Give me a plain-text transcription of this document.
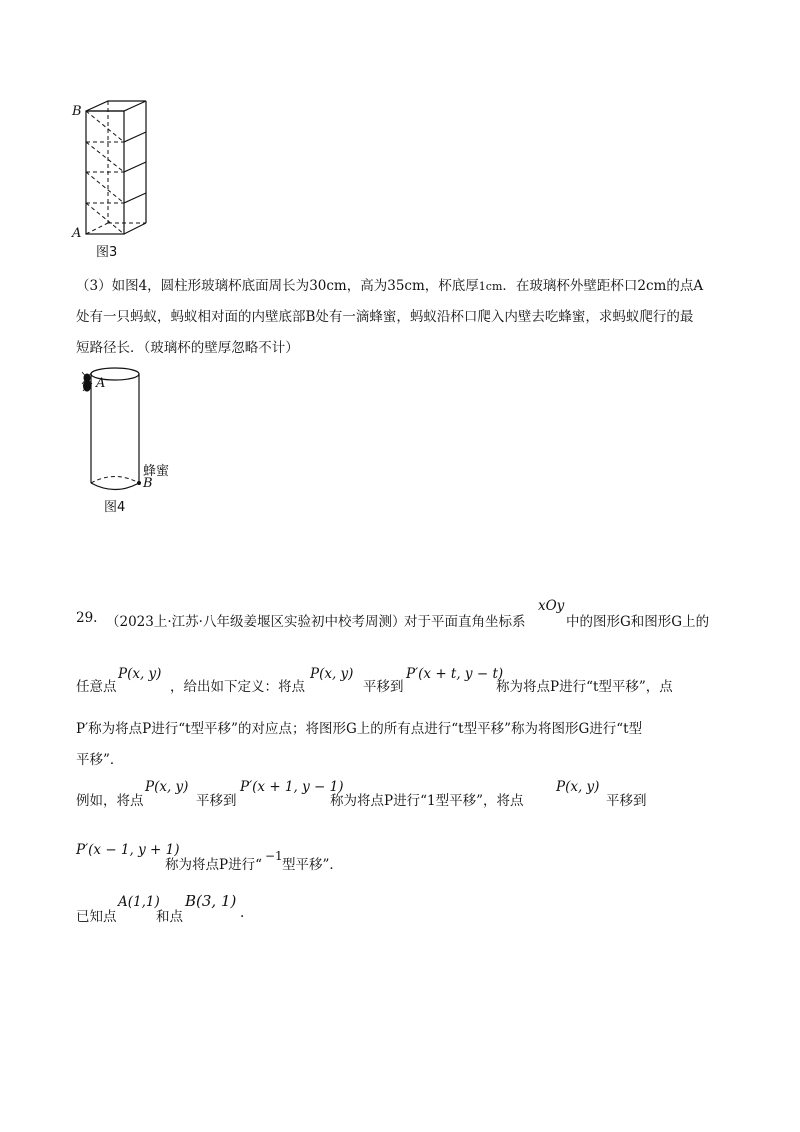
B
A
图3
（3）如图4，圆柱形玻璃杯底面周长为30cm，高为35cm，杯底厚1cm．在玻璃杯外壁距杯口2cm的点A
处有一只蚂蚁，蚂蚁相对面的内壁底部B处有一滴蜂蜜，蚂蚁沿杯口爬入内壁去吃蜂蜜，求蚂蚁爬行的最
短路径长．（玻璃杯的壁厚忽略不计）
A
蜂蜜
B
图4
29. （2023上·江苏·八年级姜堰区实验初中校考周测）
对于平面直角坐标系
xOy
中的图形G和图形G上的
任意点
P(x, y)
，给出如下定义：将点
P(x, y)
平移到
P′(x + t, y − t)
称为将点P进行“t型平移”，点
P′称为将点P进行“t型平移”的对应点；将图形G上的所有点进行“t型平移”称为将图形G进行“t型
平移”．
例如，将点
P(x, y)
平移到
P′(x + 1, y − 1)
称为将点P进行“1型平移”，将点
P(x, y)
平移到
P′(x − 1, y + 1)
称为将点P进行“
−1
型平移”．
已知点
A(1,1)
和点
B(3, 1)
.
